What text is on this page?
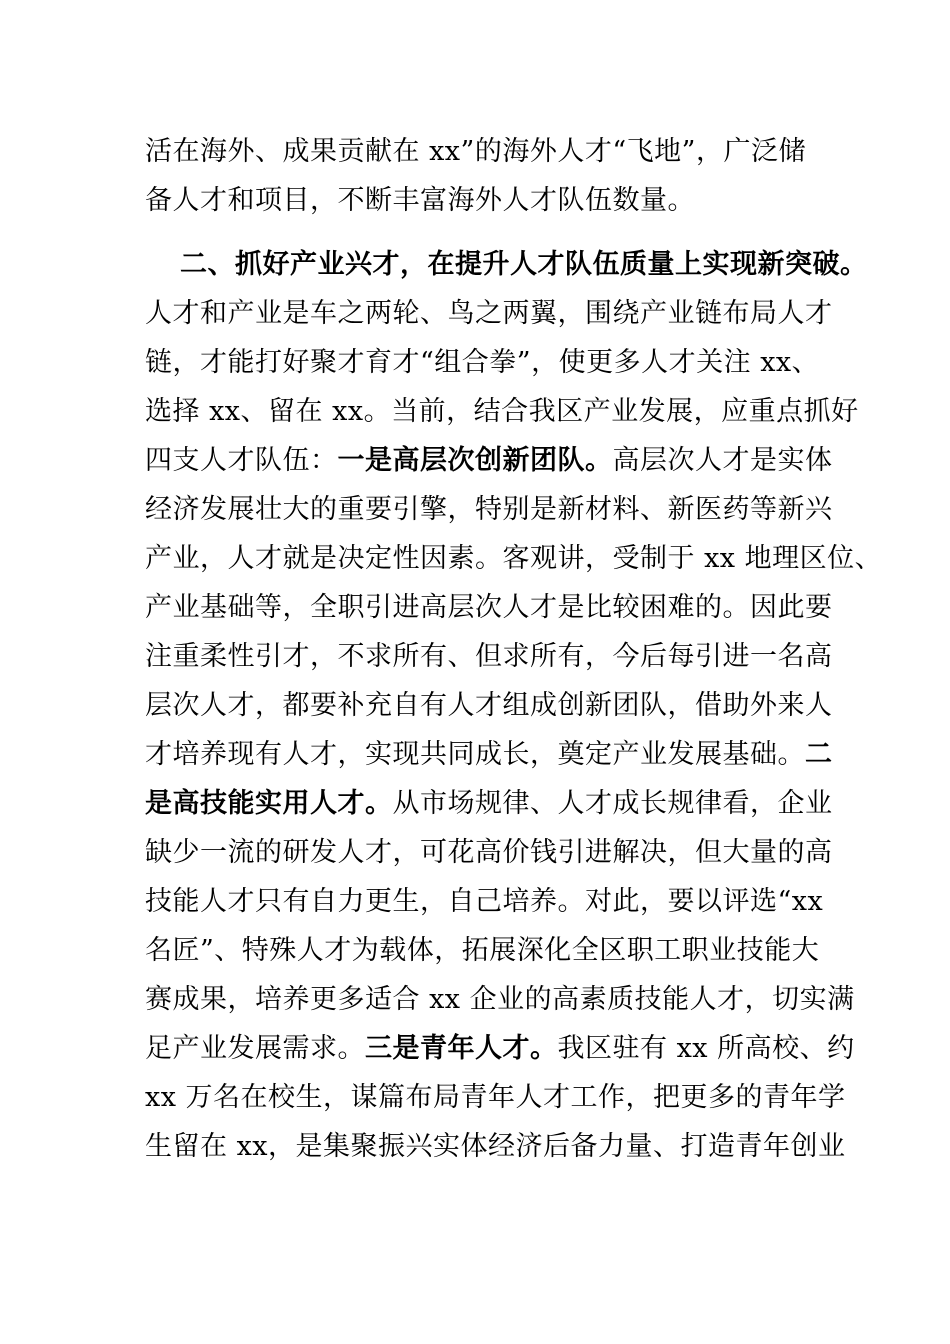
活在海外、成果贡献在 xx”的海外人才“飞地”，广泛储
备人才和项目，不断丰富海外人才队伍数量。
二、抓好产业兴才，在提升人才队伍质量上实现新突破。
人才和产业是车之两轮、鸟之两翼，围绕产业链布局人才
链，才能打好聚才育才“组合拳”，使更多人才关注 xx、
选择 xx、留在 xx。当前，结合我区产业发展，应重点抓好
四支人才队伍：一是高层次创新团队。高层次人才是实体
经济发展壮大的重要引擎，特别是新材料、新医药等新兴
产业，人才就是决定性因素。客观讲，受制于 xx 地理区位、
产业基础等，全职引进高层次人才是比较困难的。因此要
注重柔性引才，不求所有、但求所有，今后每引进一名高
层次人才，都要补充自有人才组成创新团队，借助外来人
才培养现有人才，实现共同成长，奠定产业发展基础。二
是高技能实用人才。从市场规律、人才成长规律看，企业
缺少一流的研发人才，可花高价钱引进解决，但大量的高
技能人才只有自力更生，自己培养。对此，要以评选“xx
名匠”、特殊人才为载体，拓展深化全区职工职业技能大
赛成果，培养更多适合 xx 企业的高素质技能人才，切实满
足产业发展需求。三是青年人才。我区驻有 xx 所高校、约
xx 万名在校生，谋篇布局青年人才工作，把更多的青年学
生留在 xx，是集聚振兴实体经济后备力量、打造青年创业
